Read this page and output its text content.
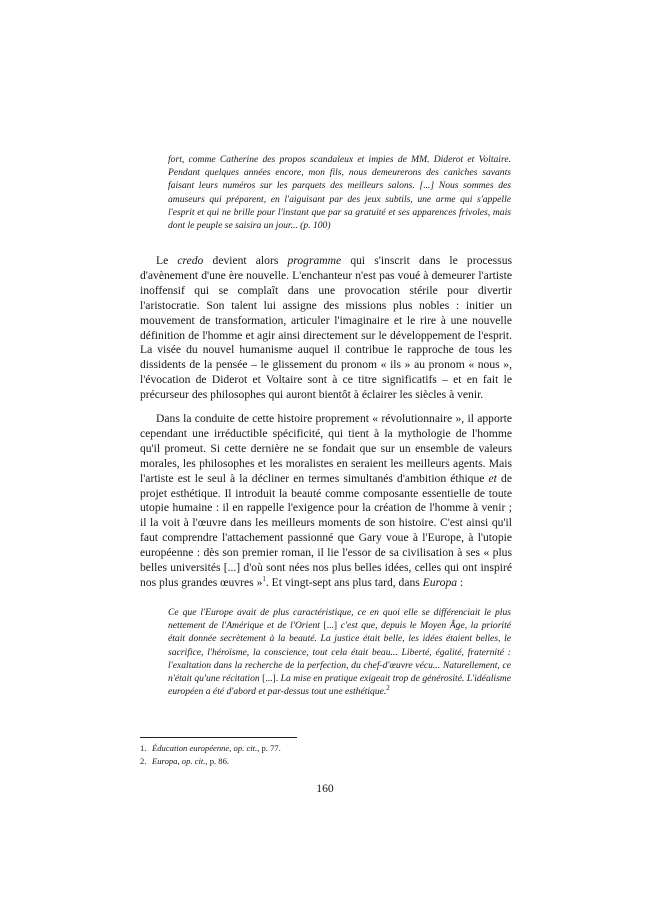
fort, comme Catherine des propos scandaleux et impies de MM. Diderot et Voltaire. Pendant quelques années encore, mon fils, nous demeurerons des caniches savants faisant leurs numéros sur les parquets des meilleurs salons. [...] Nous sommes des amuseurs qui préparent, en l'aiguisant par des jeux subtils, une arme qui s'appelle l'esprit et qui ne brille pour l'instant que par sa gratuité et ses apparences frivoles, mais dont le peuple se saisira un jour... (p. 100)

Le credo devient alors programme qui s'inscrit dans le processus d'avènement d'une ère nouvelle. L'enchanteur n'est pas voué à demeurer l'artiste inoffensif qui se complaît dans une provocation stérile pour divertir l'aristocratie. Son talent lui assigne des missions plus nobles : initier un mouvement de transformation, articuler l'imaginaire et le rire à une nouvelle définition de l'homme et agir ainsi directement sur le développement de l'esprit. La visée du nouvel humanisme auquel il contribue le rapproche de tous les dissidents de la pensée – le glissement du pronom « ils » au pronom « nous », l'évocation de Diderot et Voltaire sont à ce titre significatifs – et en fait le précurseur des philosophes qui auront bientôt à éclairer les siècles à venir.

Dans la conduite de cette histoire proprement « révolutionnaire », il apporte cependant une irréductible spécificité, qui tient à la mythologie de l'homme qu'il promeut. Si cette dernière ne se fondait que sur un ensemble de valeurs morales, les philosophes et les moralistes en seraient les meilleurs agents. Mais l'artiste est le seul à la décliner en termes simultanés d'ambition éthique et de projet esthétique. Il introduit la beauté comme composante essentielle de toute utopie humaine : il en rappelle l'exigence pour la création de l'homme à venir ; il la voit à l'œuvre dans les meilleurs moments de son histoire. C'est ainsi qu'il faut comprendre l'attachement passionné que Gary voue à l'Europe, à l'utopie européenne : dès son premier roman, il lie l'essor de sa civilisation à ses « plus belles universités [...] d'où sont nées nos plus belles idées, celles qui ont inspiré nos plus grandes œuvres »$^1$. Et vingt-sept ans plus tard, dans Europa :

Ce que l'Europe avait de plus caractéristique, ce en quoi elle se différenciait le plus nettement de l'Amérique et de l'Orient [...] c'est que, depuis le Moyen Âge, la priorité était donnée secrètement à la beauté. La justice était belle, les idées étaient belles, le sacrifice, l'héroïsme, la conscience, tout cela était beau... Liberté, égalité, fraternité : l'exaltation dans la recherche de la perfection, du chef-d'œuvre vécu... Naturellement, ce n'était qu'une récitation [...]. La mise en pratique exigeait trop de générosité. L'idéalisme européen a été d'abord et par-dessus tout une esthétique.$^2$
1. Éducation européenne, op. cit., p. 77.
2. Europa, op. cit., p. 86.
160
